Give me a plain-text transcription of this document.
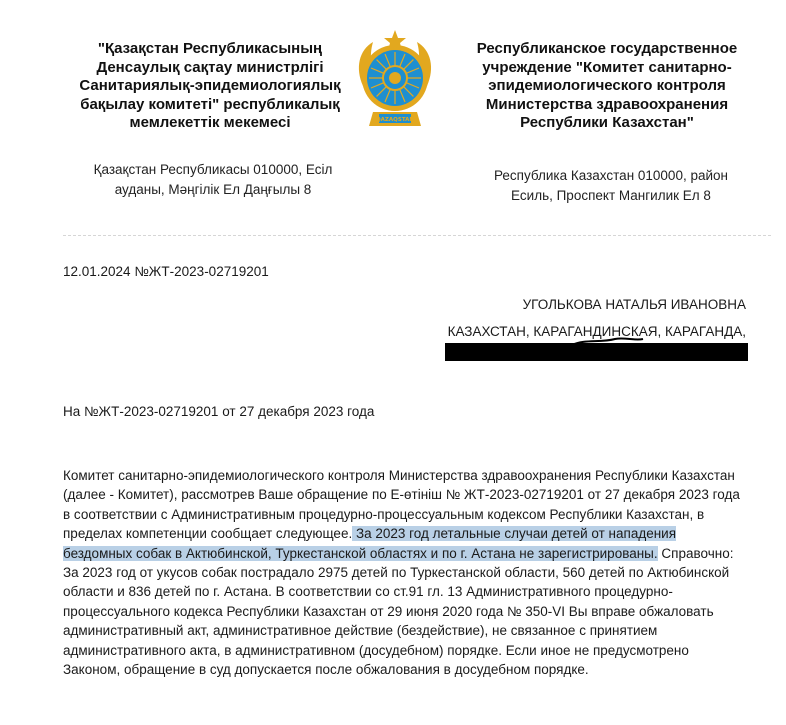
"Қазақстан Республикасының
Денсаулық сақтау министрлігі
Санитариялық-эпидемиологиялық
бақылау комитеті" республикалық
мемлекеттік мекемесі
Қазақстан Республикасы 010000, Есіл
ауданы, Мәңгілік Ел Даңғылы 8
QAZAQSTAN
Республиканское государственное
учреждение "Комитет санитарно-
эпидемиологического контроля
Министерства здравоохранения
Республики Казахстан"
Республика Казахстан 010000, район
Есиль, Проспект Мангилик Ел 8
12.01.2024 №ЖТ-2023-02719201
УГОЛЬКОВА НАТАЛЬЯ ИВАНОВНА
КАЗАХСТАН, КАРАГАНДИНСКАЯ, КАРАГАНДА,
На №ЖТ-2023-02719201 от 27 декабря 2023 года
Комитет санитарно-эпидемиологического контроля Министерства здравоохранения Республики Казахстан (далее - Комитет), рассмотрев Ваше обращение по Е-өтініш № ЖТ-2023-02719201 от 27 декабря 2023 года в соответствии с Административным процедурно-процессуальным кодексом Республики Казахстан, в пределах компетенции сообщает следующее. За 2023 год летальные случаи детей от нападения бездомных собак в Актюбинской, Туркестанской областях и по г. Астана не зарегистрированы. Справочно: За 2023 год от укусов собак пострадало 2975 детей по Туркестанской области, 560 детей по Актюбинской области и 836 детей по г. Астана. В соответствии со ст.91 гл. 13 Административного процедурно-процессуального кодекса Республики Казахстан от 29 июня 2020 года № 350-VI Вы вправе обжаловать административный акт, административное действие (бездействие), не связанное с принятием административного акта, в административном (досудебном) порядке. Если иное не предусмотрено Законом, обращение в суд допускается после обжалования в досудебном порядке.
